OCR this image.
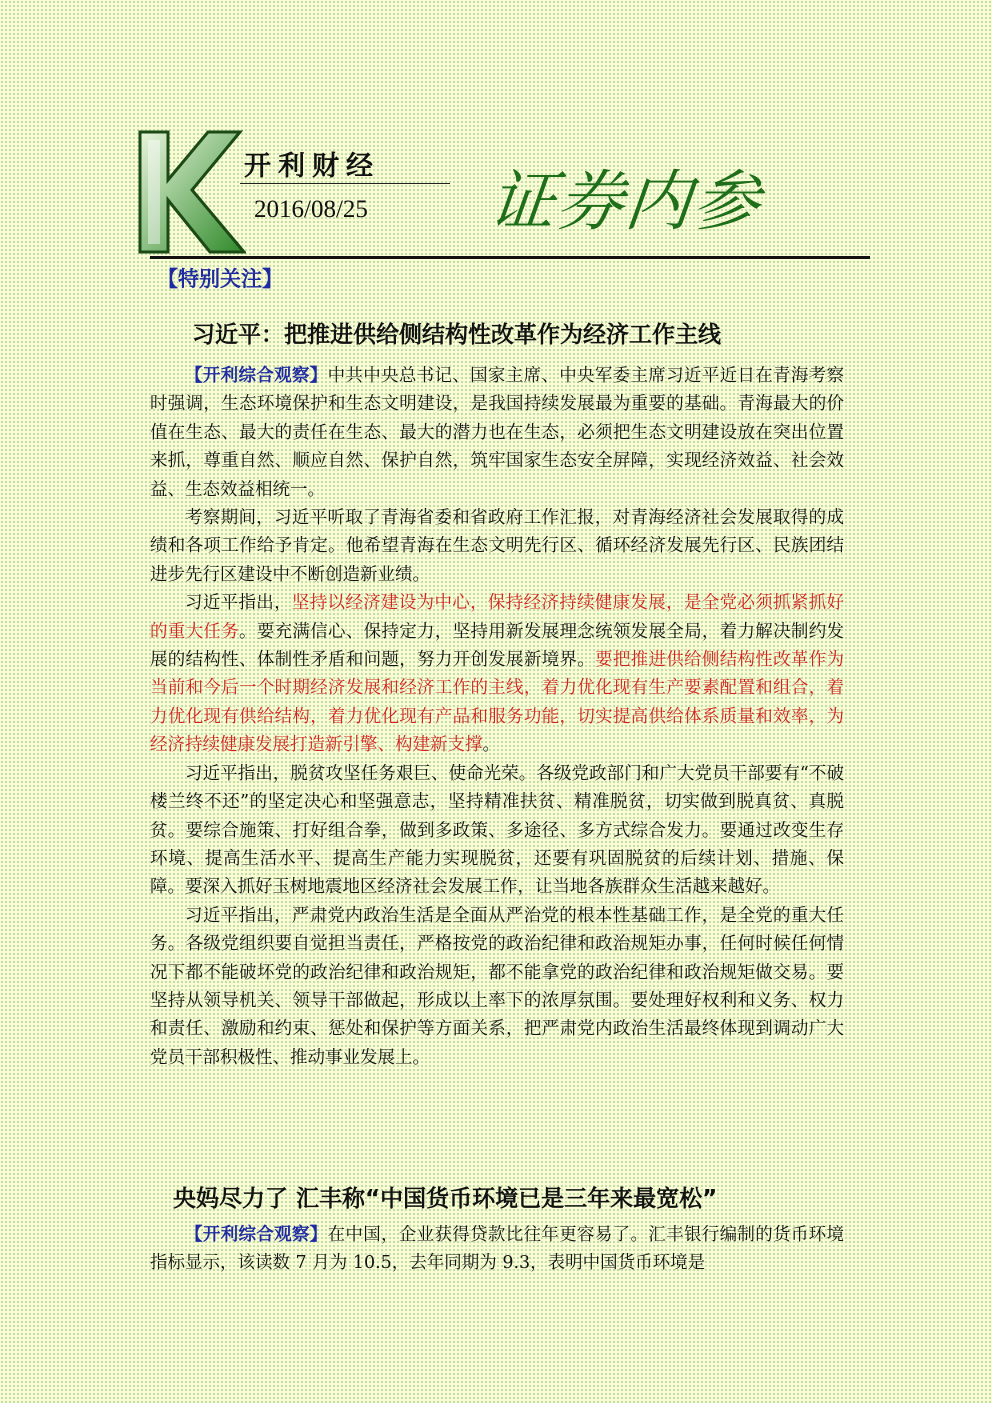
开利财经
2016/08/25 证券内参
【特别关注】
习近平：把推进供给侧结构性改革作为经济工作主线

【开利综合观察】中共中央总书记、国家主席、中央军委主席习近平近日在青海考察时强调，生态环境保护和生态文明建设，是我国持续发展最为重要的基础。青海最大的价值在生态、最大的责任在生态、最大的潜力也在生态，必须把生态文明建设放在突出位置来抓，尊重自然、顺应自然、保护自然，筑牢国家生态安全屏障，实现经济效益、社会效益、生态效益相统一。

考察期间，习近平听取了青海省委和省政府工作汇报，对青海经济社会发展取得的成绩和各项工作给予肯定。他希望青海在生态文明先行区、循环经济发展先行区、民族团结进步先行区建设中不断创造新业绩。

习近平指出，坚持以经济建设为中心，保持经济持续健康发展，是全党必须抓紧抓好的重大任务。要充满信心、保持定力，坚持用新发展理念统领发展全局，着力解决制约发展的结构性、体制性矛盾和问题，努力开创发展新境界。要把推进供给侧结构性改革作为当前和今后一个时期经济发展和经济工作的主线，着力优化现有生产要素配置和组合，着力优化现有供给结构，着力优化现有产品和服务功能，切实提高供给体系质量和效率，为经济持续健康发展打造新引擎、构建新支撑。

习近平指出，脱贫攻坚任务艰巨、使命光荣。各级党政部门和广大党员干部要有“不破楼兰终不还”的坚定决心和坚强意志，坚持精准扶贫、精准脱贫，切实做到脱真贫、真脱贫。要综合施策、打好组合拳，做到多政策、多途径、多方式综合发力。要通过改变生存环境、提高生活水平、提高生产能力实现脱贫，还要有巩固脱贫的后续计划、措施、保障。要深入抓好玉树地震地区经济社会发展工作，让当地各族群众生活越来越好。

习近平指出，严肃党内政治生活是全面从严治党的根本性基础工作，是全党的重大任务。各级党组织要自觉担当责任，严格按党的政治纪律和政治规矩办事，任何时候任何情况下都不能破坏党的政治纪律和政治规矩，都不能拿党的政治纪律和政治规矩做交易。要坚持从领导机关、领导干部做起，形成以上率下的浓厚氛围。要处理好权利和义务、权力和责任、激励和约束、惩处和保护等方面关系，把严肃党内政治生活最终体现到调动广大党员干部积极性、推动事业发展上。

央妈尽力了 汇丰称“中国货币环境已是三年来最宽松”

【开利综合观察】在中国，企业获得贷款比往年更容易了。汇丰银行编制的货币环境指标显示，该读数 7 月为 10.5，去年同期为 9.3，表明中国货币环境是
